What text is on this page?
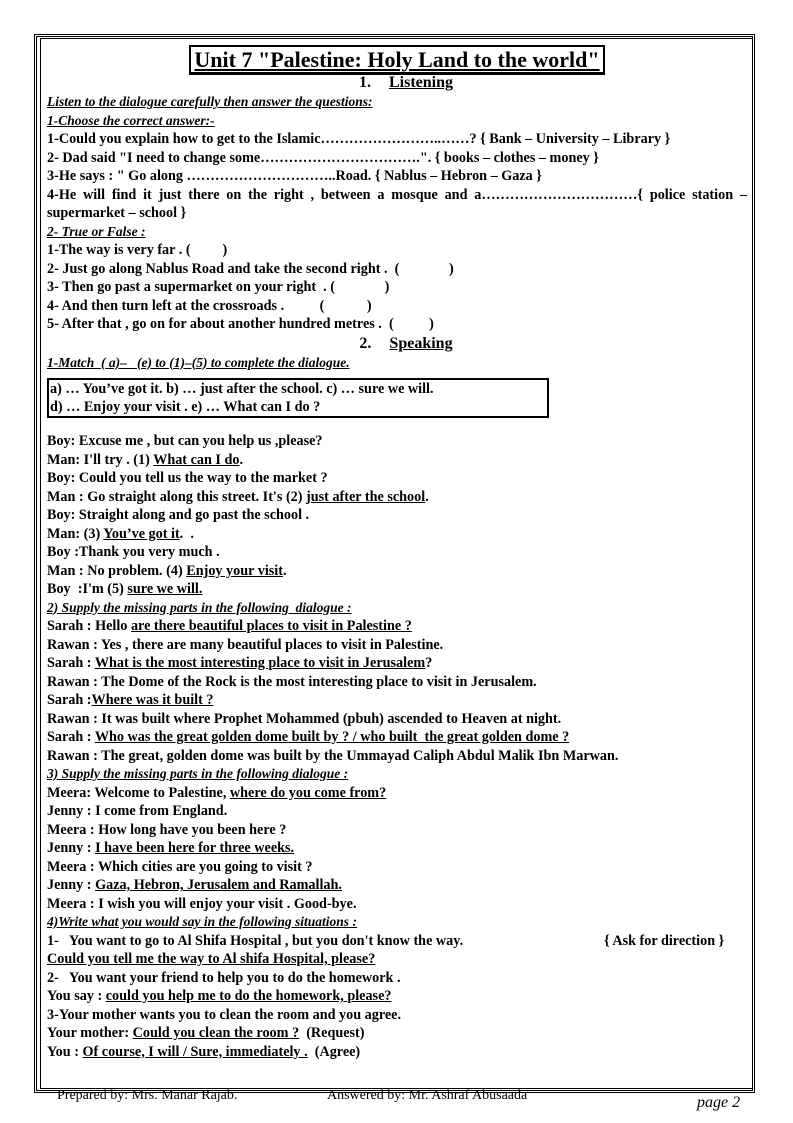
Unit 7 "Palestine: Holy Land to the world"

1. Listening

Listen to the dialogue carefully then answer the questions:

1-Choose the correct answer:-

1-Could you explain how to get to the Islamic……………………..……? { Bank – University – Library }

2- Dad said "I need to change some…………………………….". { books – clothes – money }

3-He says : " Go along …………………………..Road. { Nablus – Hebron – Gaza }

4-He will find it just there on the right , between a mosque and a……………………………{ police station – supermarket – school }

2- True or False :

1-The way is very far . (         )

2- Just go along Nablus Road and take the second right .  (              )

3- Then go past a supermarket on your right  . (              )

4- And then turn left at the crossroads .          (            )

5- After that , go on for about another hundred metres .  (          )

2. Speaking

1-Match  ( a)–   (e) to (1)–(5) to complete the dialogue.

a) … You’ve got it. b) … just after the school. c) … sure we will.

d) … Enjoy your visit . e) … What can I do ?

Boy: Excuse me , but can you help us ,please?

Man: I'll try . (1) What can I do.

Boy: Could you tell us the way to the market ?

Man : Go straight along this street. It's (2) just after the school.

Boy: Straight along and go past the school .

Man: (3) You’ve got it.  .

Boy :Thank you very much .

Man : No problem. (4) Enjoy your visit.

Boy  :I'm (5) sure we will.

2) Supply the missing parts in the following  dialogue :

Sarah : Hello are there beautiful places to visit in Palestine ?

Rawan : Yes , there are many beautiful places to visit in Palestine.

Sarah : What is the most interesting place to visit in Jerusalem?

Rawan : The Dome of the Rock is the most interesting place to visit in Jerusalem.

Sarah :Where was it built ?

Rawan : It was built where Prophet Mohammed (pbuh) ascended to Heaven at night.

Sarah : Who was the great golden dome built by ? / who built  the great golden dome ?

Rawan : The great, golden dome was built by the Ummayad Caliph Abdul Malik Ibn Marwan.

3) Supply the missing parts in the following dialogue :

Meera: Welcome to Palestine, where do you come from?

Jenny : I come from England.

Meera : How long have you been here ?

Jenny : I have been here for three weeks.

Meera : Which cities are you going to visit ?

Jenny : Gaza, Hebron, Jerusalem and Ramallah.

Meera : I wish you will enjoy your visit . Good-bye.

4)Write what you would say in the following situations :

1-   You want to go to Al Shifa Hospital , but you don't know the way.	{ Ask for direction }

Could you tell me the way to Al shifa Hospital, please?

2-   You want your friend to help you to do the homework .

You say : could you help me to do the homework, please?

3-Your mother wants you to clean the room and you agree.

Your mother: Could you clean the room ?  (Request)

You : Of course, I will / Sure, immediately .  (Agree)

Prepared by: Mrs. Manar Rajab.	Answered by: Mr. Ashraf Abusaada	page 2
